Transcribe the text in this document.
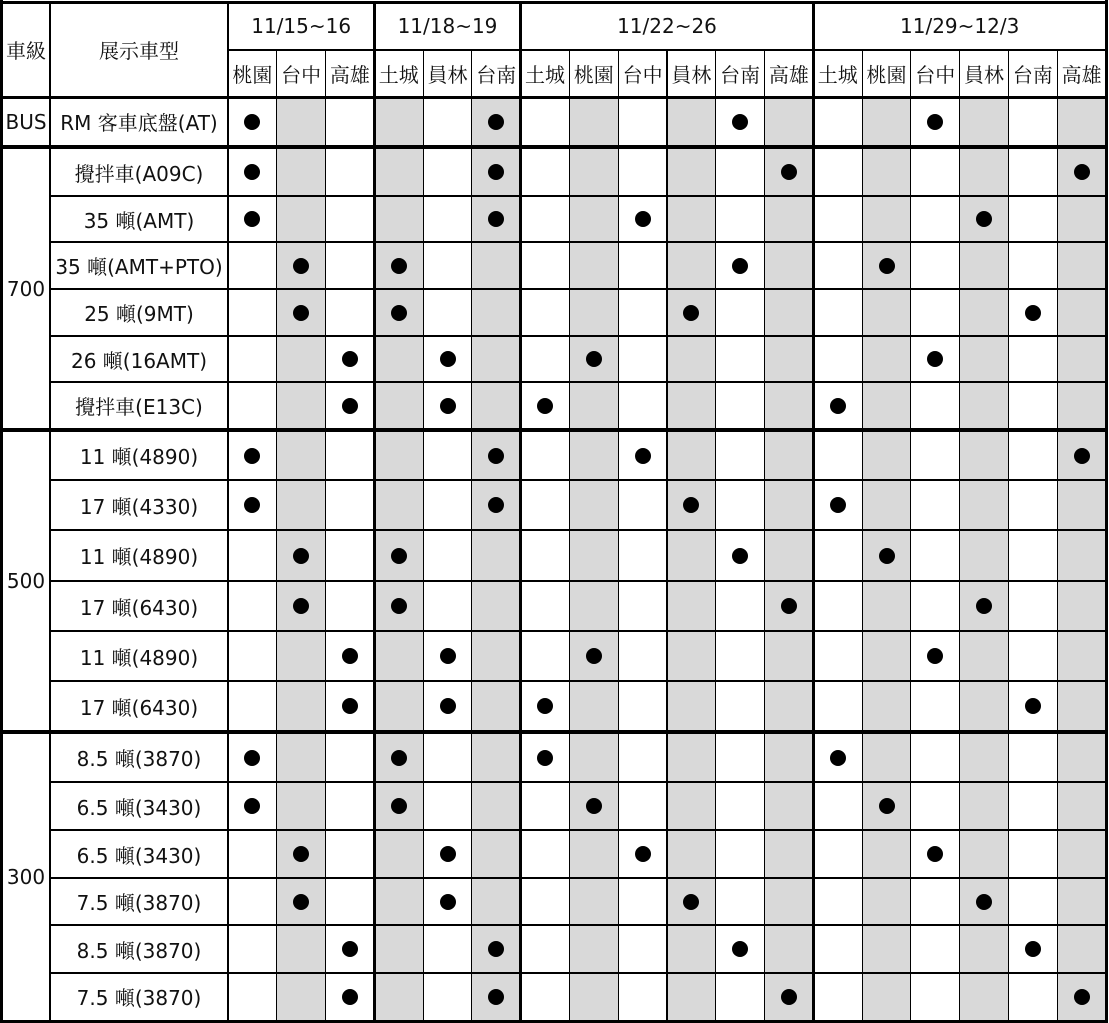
車級	展示車型
11/15~16
桃園 台中 高雄
11/18~19
土城 員林 台南
11/22~26
土城 桃園 台中 員林 台南 高雄
11/29~12/3
土城 桃園 台中 員林 台南 高雄
BUS RM 客車底盤(AT)
700
攪拌車(A09C)
35 噸(AMT)
35 噸(AMT+PTO)
25 噸(9MT)
26 噸(16AMT)
攪拌車(E13C)
500
11 噸(4890)
17 噸(4330)
11 噸(4890)
17 噸(6430)
11 噸(4890)
17 噸(6430)
300
8.5 噸(3870)
6.5 噸(3430)
6.5 噸(3430)
7.5 噸(3870)
8.5 噸(3870)
7.5 噸(3870)
